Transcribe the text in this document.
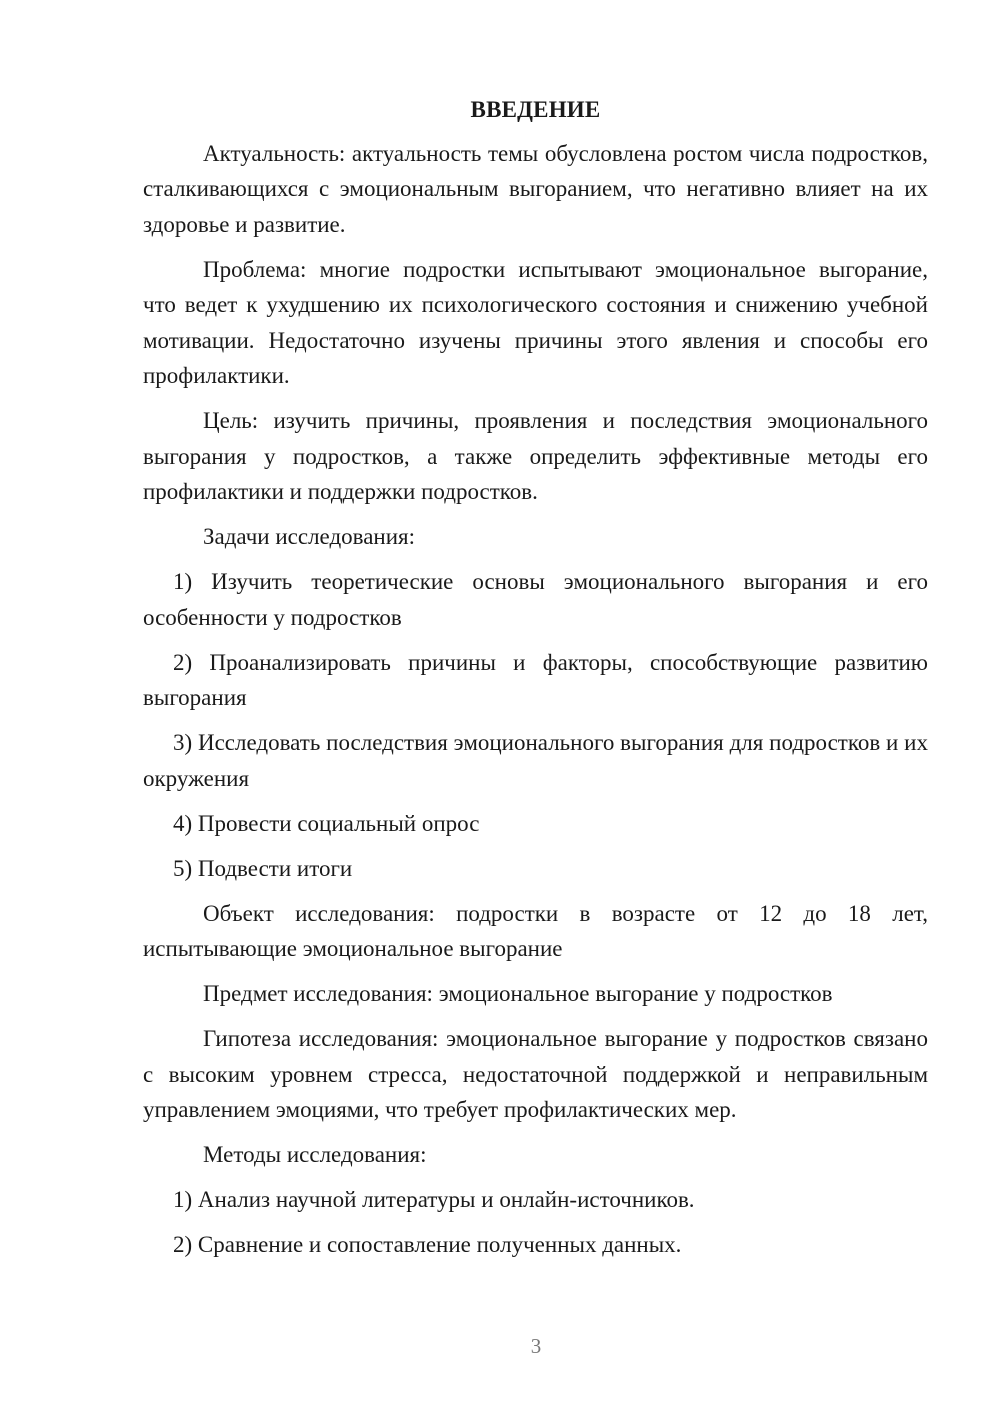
ВВЕДЕНИЕ

Актуальность: актуальность темы обусловлена ростом числа подростков, сталкивающихся с эмоциональным выгоранием, что негативно влияет на их здоровье и развитие.

Проблема: многие подростки испытывают эмоциональное выгорание, что ведет к ухудшению их психологического состояния и снижению учебной мотивации. Недостаточно изучены причины этого явления и способы его профилактики.

Цель: изучить причины, проявления и последствия эмоционального выгорания у подростков, а также определить эффективные методы его профилактики и поддержки подростков.

Задачи исследования:

1) Изучить теоретические основы эмоционального выгорания и его особенности у подростков

2) Проанализировать причины и факторы, способствующие развитию выгорания

3) Исследовать последствия эмоционального выгорания для подростков и их окружения

4) Провести социальный опрос

5) Подвести итоги

Объект исследования: подростки в возрасте от 12 до 18 лет, испытывающие эмоциональное выгорание

Предмет исследования: эмоциональное выгорание у подростков

Гипотеза исследования: эмоциональное выгорание у подростков связано с высоким уровнем стресса, недостаточной поддержкой и неправильным управлением эмоциями, что требует профилактических мер.

Методы исследования:

1) Анализ научной литературы и онлайн-источников.

2) Сравнение и сопоставление полученных данных.

3
